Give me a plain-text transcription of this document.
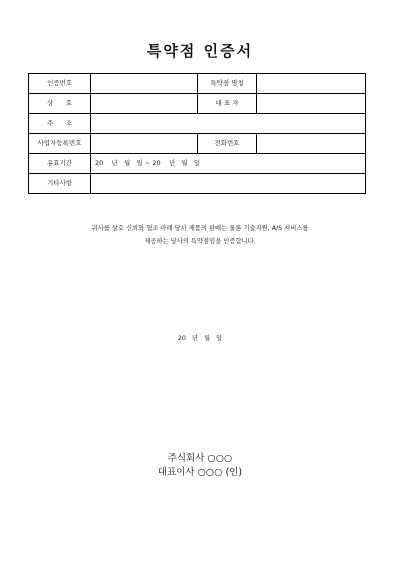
특약점 인증서
인증번호		특약점 명칭	
상      호		대 표 자	
주      소			
사업자등록번호		전화번호	
유효기간	20    년   월   일 ~ 20    년   월   일		
기타사항			
귀사를 상호 신뢰와 협조 아래 당사 제품의 판매는 물론 기술지원, A/S 서비스를
제공하는 당사의 특약점임을 인증합니다.
20   년   월   일
주식회사 ○○○
대표이사 ○○○ (인)
